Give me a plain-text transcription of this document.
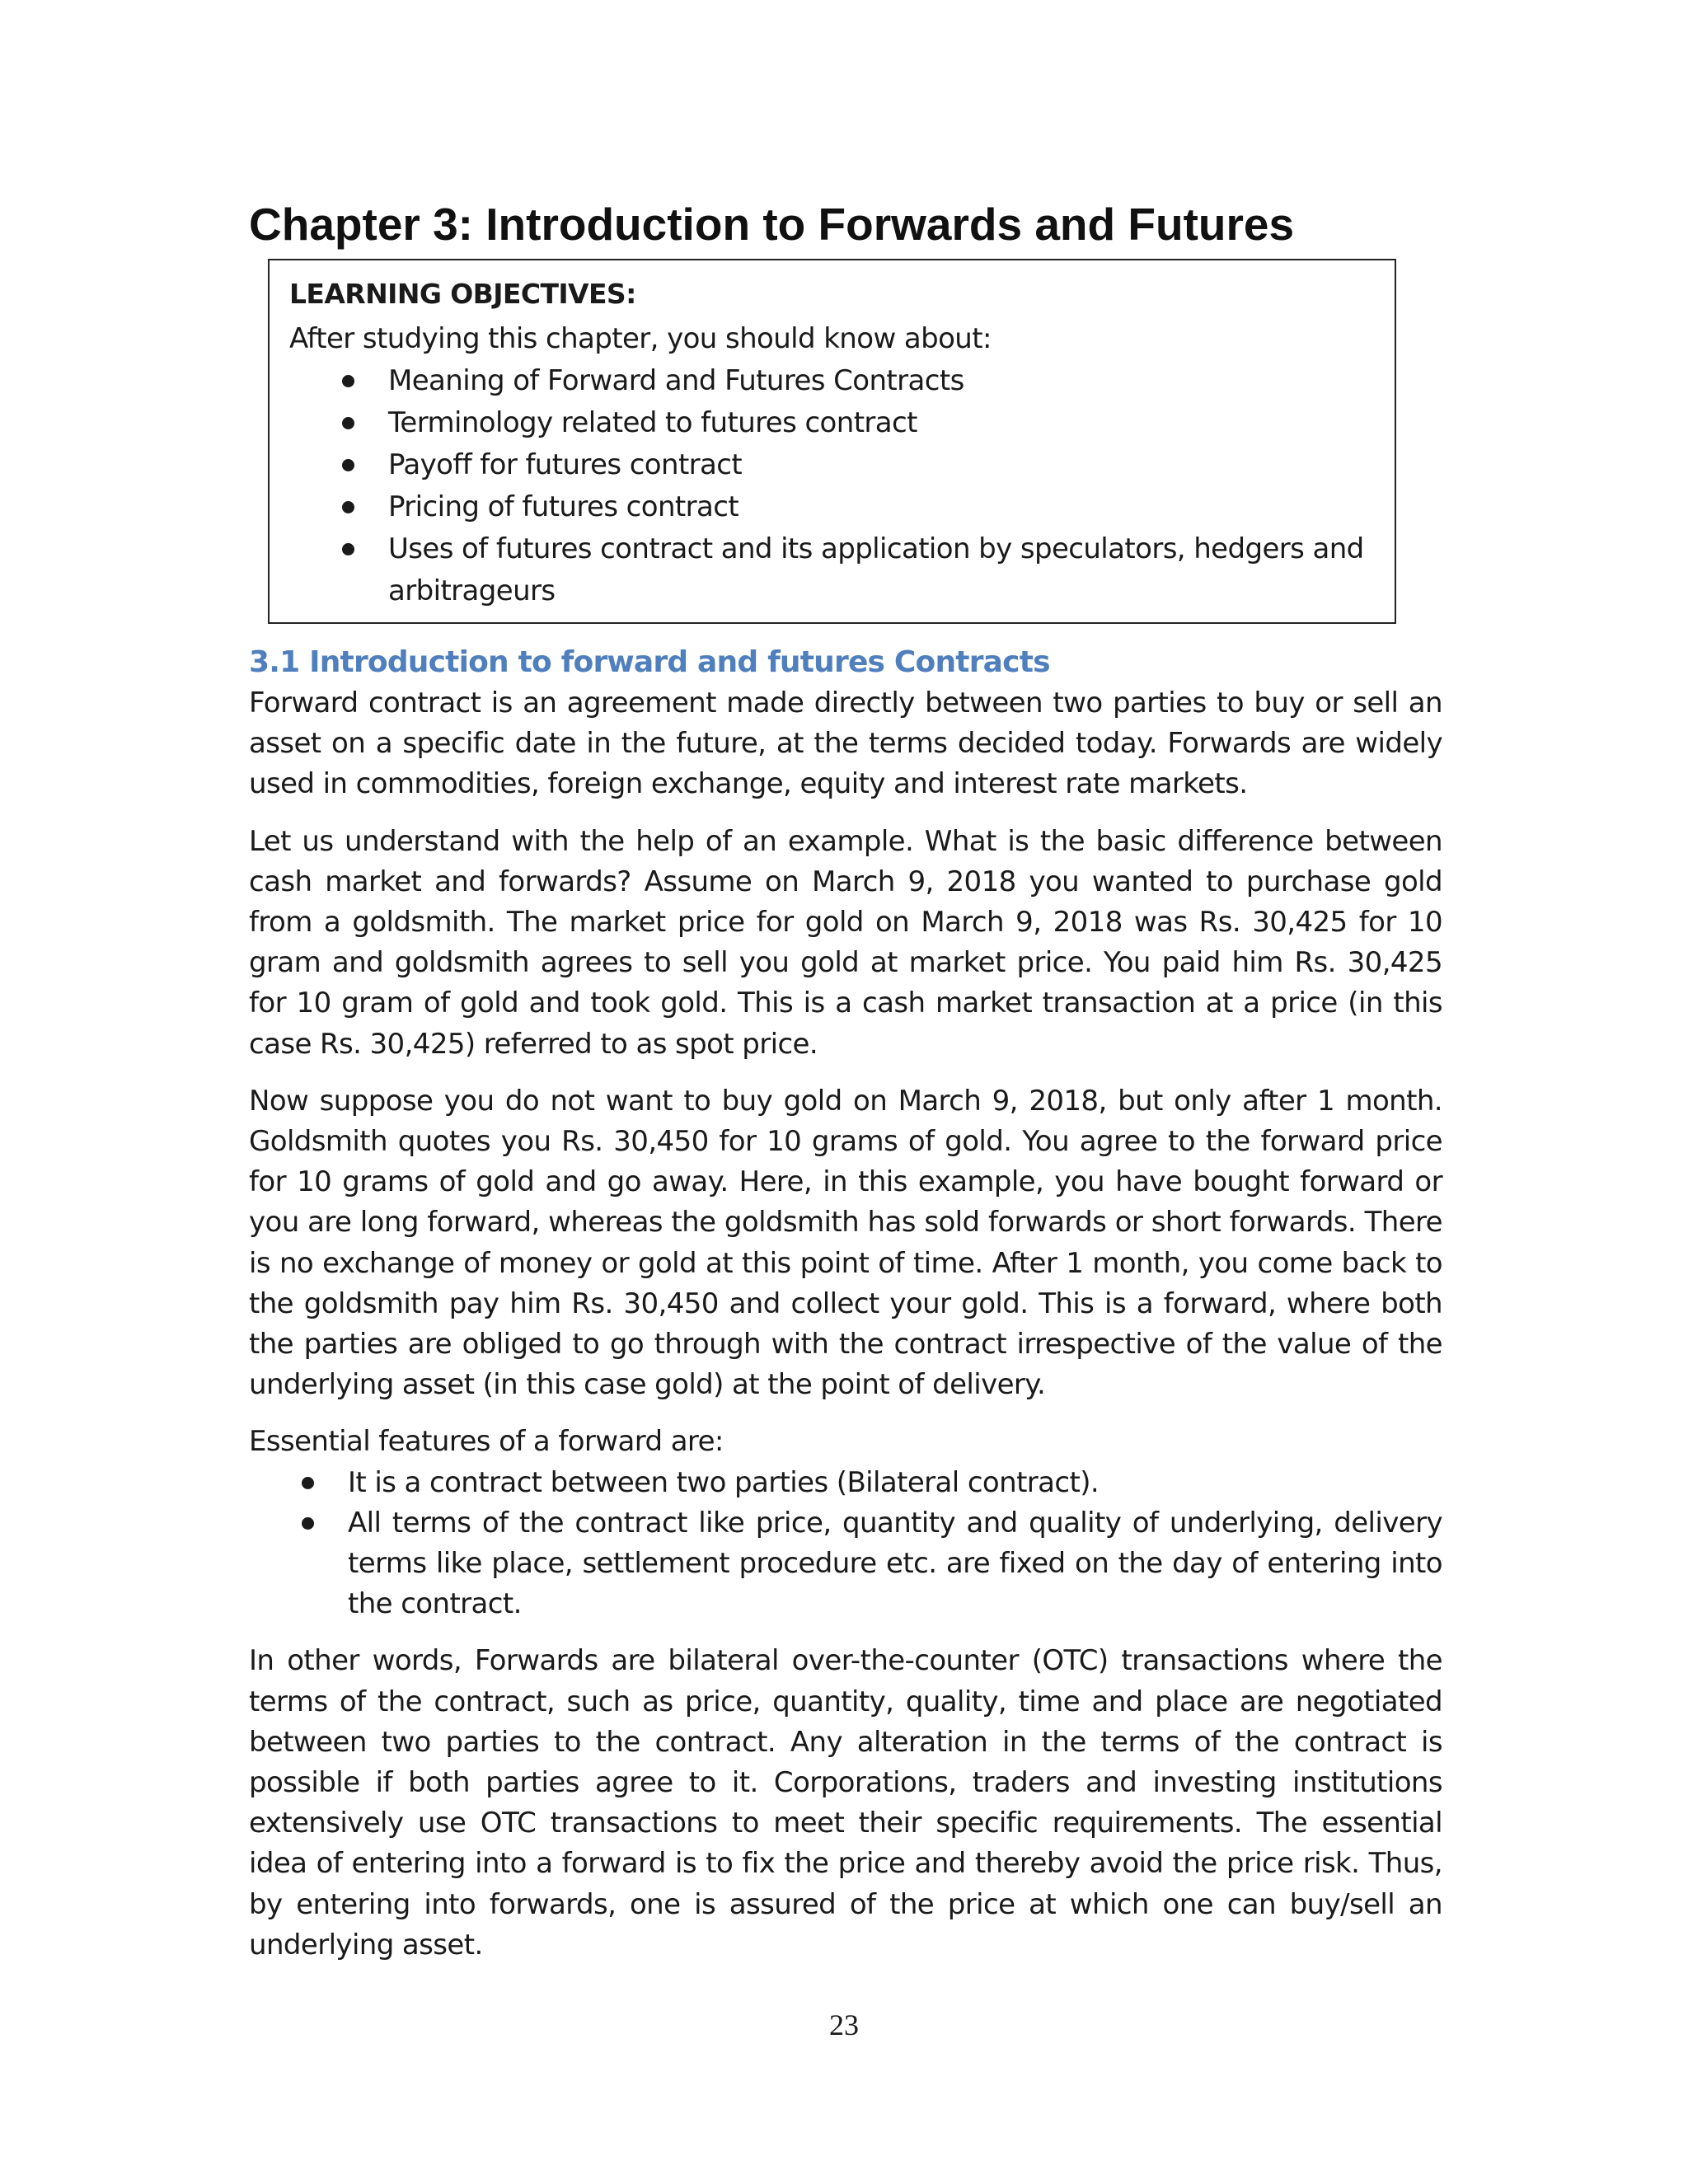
Chapter 3: Introduction to Forwards and Futures

LEARNING OBJECTIVES:

After studying this chapter, you should know about:

Meaning of Forward and Futures Contracts
Terminology related to futures contract
Payoff for futures contract
Pricing of futures contract
Uses of futures contract and its application by speculators, hedgers and arbitrageurs
3.1 Introduction to forward and futures Contracts

Forward contract is an agreement made directly between two parties to buy or sell an asset on a specific date in the future, at the terms decided today. Forwards are widely used in commodities, foreign exchange, equity and interest rate markets.

Let us understand with the help of an example. What is the basic difference between cash market and forwards? Assume on March 9, 2018 you wanted to purchase gold from a goldsmith. The market price for gold on March 9, 2018 was Rs. 30,425 for 10 gram and goldsmith agrees to sell you gold at market price. You paid him Rs. 30,425 for 10 gram of gold and took gold. This is a cash market transaction at a price (in this case Rs. 30,425) referred to as spot price.

Now suppose you do not want to buy gold on March 9, 2018, but only after 1 month. Goldsmith quotes you Rs. 30,450 for 10 grams of gold. You agree to the forward price for 10 grams of gold and go away. Here, in this example, you have bought forward or you are long forward, whereas the goldsmith has sold forwards or short forwards. There is no exchange of money or gold at this point of time. After 1 month, you come back to the goldsmith pay him Rs. 30,450 and collect your gold. This is a forward, where both the parties are obliged to go through with the contract irrespective of the value of the underlying asset (in this case gold) at the point of delivery.

Essential features of a forward are:

It is a contract between two parties (Bilateral contract).
All terms of the contract like price, quantity and quality of underlying, delivery terms like place, settlement procedure etc. are fixed on the day of entering into the contract.

In other words, Forwards are bilateral over-the-counter (OTC) transactions where the terms of the contract, such as price, quantity, quality, time and place are negotiated between two parties to the contract. Any alteration in the terms of the contract is possible if both parties agree to it. Corporations, traders and investing institutions extensively use OTC transactions to meet their specific requirements. The essential idea of entering into a forward is to fix the price and thereby avoid the price risk. Thus, by entering into forwards, one is assured of the price at which one can buy/sell an underlying asset.

23
